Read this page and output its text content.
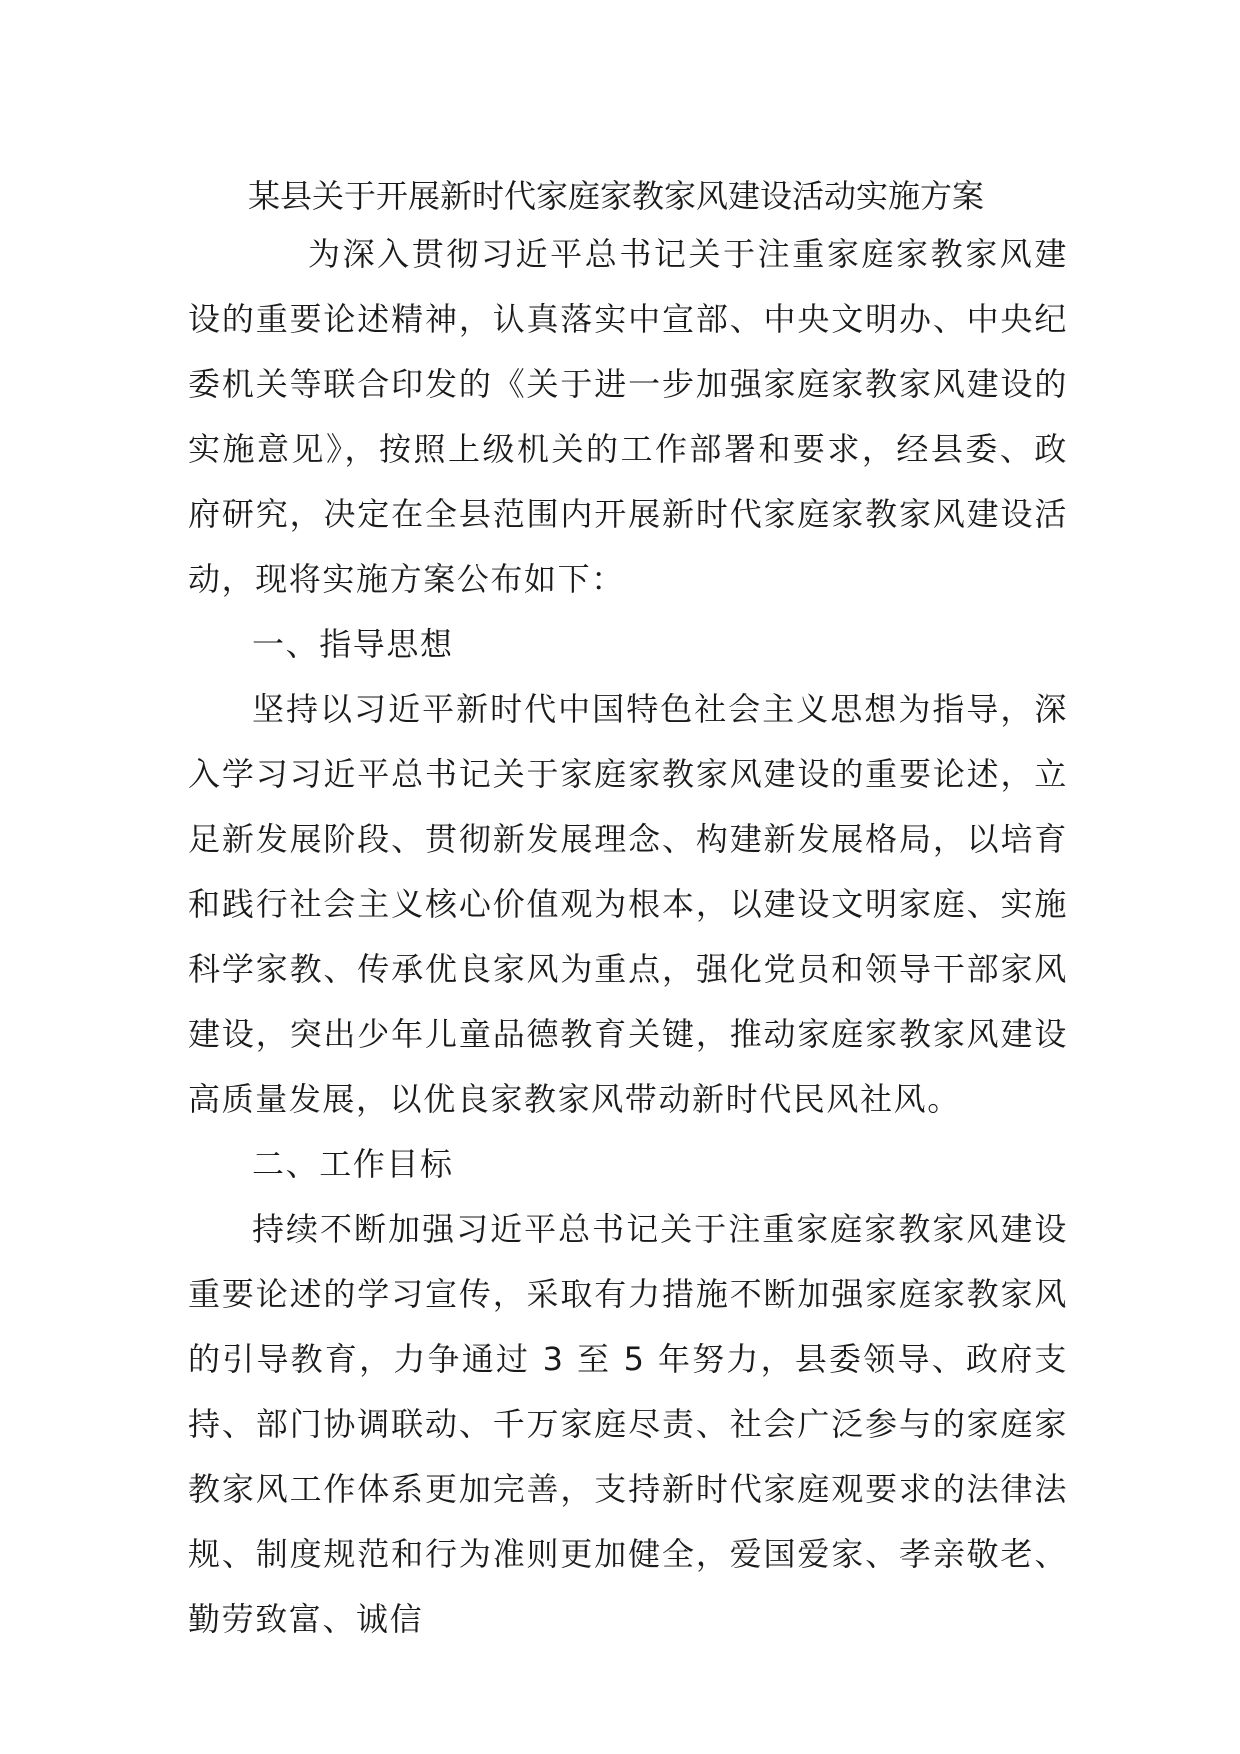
某县关于开展新时代家庭家教家风建设活动实施方案

为深入贯彻习近平总书记关于注重家庭家教家风建设的重要论述精神，认真落实中宣部、中央文明办、中央纪委机关等联合印发的《关于进一步加强家庭家教家风建设的实施意见》，按照上级机关的工作部署和要求，经县委、政府研究，决定在全县范围内开展新时代家庭家教家风建设活动，现将实施方案公布如下：

一、指导思想

坚持以习近平新时代中国特色社会主义思想为指导，深入学习习近平总书记关于家庭家教家风建设的重要论述，立足新发展阶段、贯彻新发展理念、构建新发展格局，以培育和践行社会主义核心价值观为根本，以建设文明家庭、实施科学家教、传承优良家风为重点，强化党员和领导干部家风建设，突出少年儿童品德教育关键，推动家庭家教家风建设高质量发展，以优良家教家风带动新时代民风社风。

二、工作目标

持续不断加强习近平总书记关于注重家庭家教家风建设重要论述的学习宣传，采取有力措施不断加强家庭家教家风的引导教育，力争通过 3 至 5 年努力，县委领导、政府支持、部门协调联动、千万家庭尽责、社会广泛参与的家庭家教家风工作体系更加完善，支持新时代家庭观要求的法律法规、制度规范和行为准则更加健全，爱国爱家、孝亲敬老、勤劳致富、诚信
